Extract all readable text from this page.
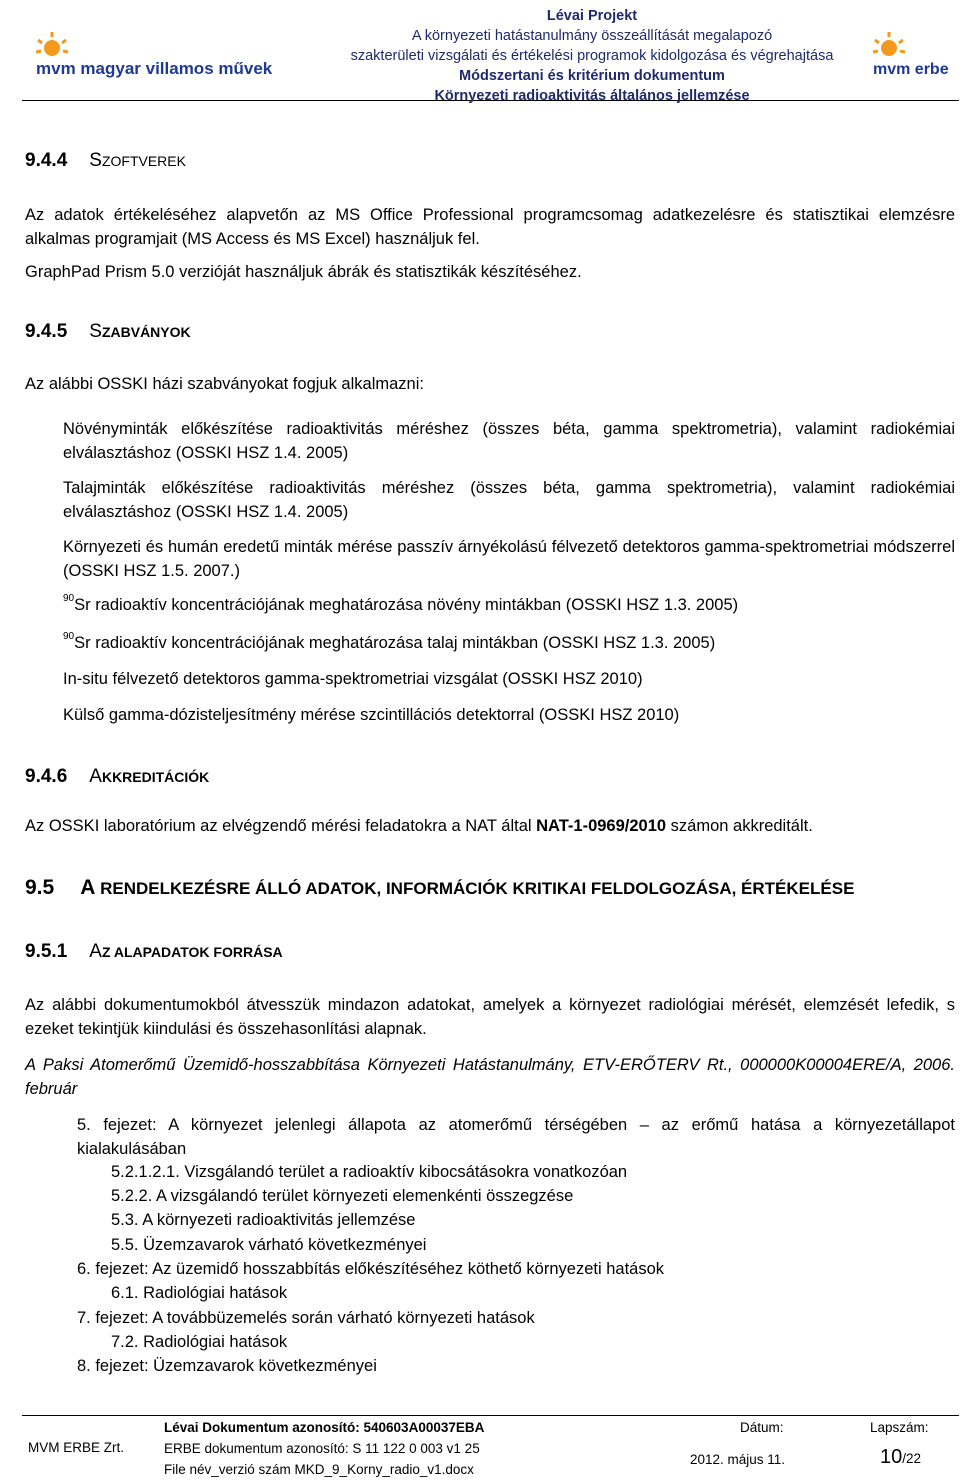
mvm magyar villamos művek
Lévai Projekt
A környezeti hatástanulmány összeállítását megalapozó
szakterületi vizsgálati és értékelési programok kidolgozása és végrehajtása
Módszertani és kritérium dokumentum
Környezeti radioaktivitás általános jellemzése
mvm erbe
9.4.4 SZOFTVEREK
Az adatok értékeléséhez alapvetőn az MS Office Professional programcsomag adatkezelésre és statisztikai elemzésre alkalmas programjait (MS Access és MS Excel) használjuk fel.
GraphPad Prism 5.0 verzióját használjuk ábrák és statisztikák készítéséhez.
9.4.5 SZABVÁNYOK
Az alábbi OSSKI házi szabványokat fogjuk alkalmazni:
Növényminták előkészítése radioaktivitás méréshez (összes béta, gamma spektrometria), valamint radiokémiai elválasztáshoz (OSSKI HSZ 1.4. 2005)
Talajminták előkészítése radioaktivitás méréshez (összes béta, gamma spektrometria), valamint radiokémiai elválasztáshoz (OSSKI HSZ 1.4. 2005)
Környezeti és humán eredetű minták mérése passzív árnyékolású félvezető detektoros gamma-spektrometriai módszerrel (OSSKI HSZ 1.5. 2007.)
$^{90}$Sr radioaktív koncentrációjának meghatározása növény mintákban (OSSKI HSZ 1.3. 2005)
$^{90}$Sr radioaktív koncentrációjának meghatározása talaj mintákban (OSSKI HSZ 1.3. 2005)
In-situ félvezető detektoros gamma-spektrometriai vizsgálat (OSSKI HSZ 2010)
Külső gamma-dózisteljesítmény mérése szcintillációs detektorral (OSSKI HSZ 2010)
9.4.6 AKKREDITÁCIÓK
Az OSSKI laboratórium az elvégzendő mérési feladatokra a NAT által NAT-1-0969/2010 számon akkreditált.
9.5 A RENDELKEZÉSRE ÁLLÓ ADATOK, INFORMÁCIÓK KRITIKAI FELDOLGOZÁSA, ÉRTÉKELÉSE
9.5.1 AZ ALAPADATOK FORRÁSA
Az alábbi dokumentumokból átvesszük mindazon adatokat, amelyek a környezet radiológiai mérését, elemzését lefedik, s ezeket tekintjük kiindulási és összehasonlítási alapnak.
A Paksi Atomerőmű Üzemidő-hosszabbítása Környezeti Hatástanulmány, ETV-ERŐTERV Rt., 000000K00004ERE/A, 2006. február
5. fejezet: A környezet jelenlegi állapota az atomerőmű térségében – az erőmű hatása a környezetállapot kialakulásában
5.2.1.2.1. Vizsgálandó terület a radioaktív kibocsátásokra vonatkozóan
5.2.2. A vizsgálandó terület környezeti elemenkénti összegzése
5.3. A környezeti radioaktivitás jellemzése
5.5. Üzemzavarok várható következményei
6. fejezet: Az üzemidő hosszabbítás előkészítéséhez köthető környezeti hatások
6.1. Radiológiai hatások
7. fejezet: A továbbüzemelés során várható környezeti hatások
7.2. Radiológiai hatások
8. fejezet: Üzemzavarok következményei
MVM ERBE Zrt.
Lévai Dokumentum azonosító: 540603A00037EBA
ERBE dokumentum azonosító: S 11 122 0 003 v1 25
File név_verzió szám MKD_9_Korny_radio_v1.docx
Dátum:
2012. május 11.
Lapszám:
10/22
